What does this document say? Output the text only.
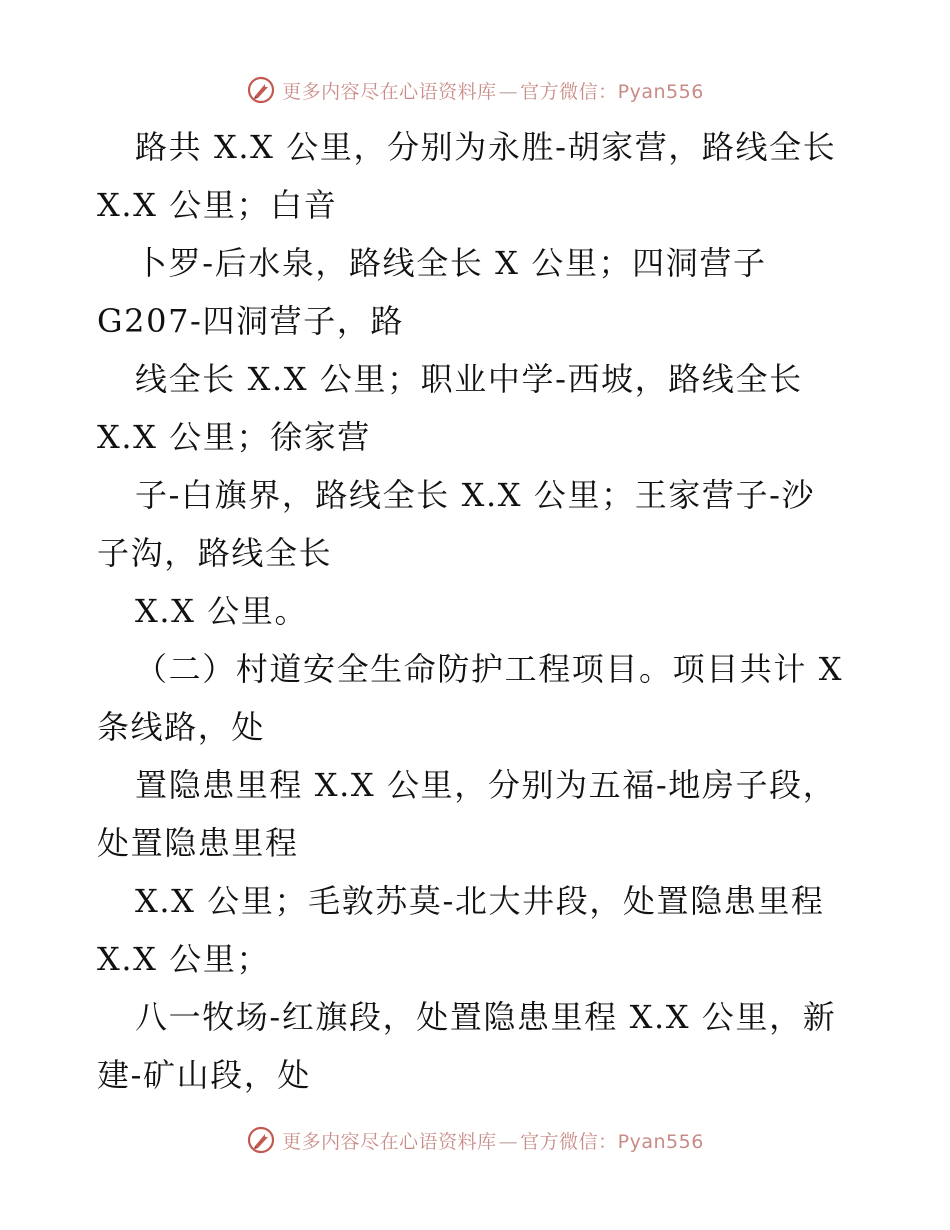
更多内容尽在心语资料库 — 官方微信：Pyan556
路共 X.X 公里，分别为永胜-胡家营，路线全长
X.X 公里；白音
卜罗-后水泉，路线全长 X 公里；四洞营子
G207-四洞营子，路
线全长 X.X 公里；职业中学-西坡，路线全长
X.X 公里；徐家营
子-白旗界，路线全长 X.X 公里；王家营子-沙
子沟，路线全长
X.X 公里。
（二）村道安全生命防护工程项目。项目共计 X
条线路，处
置隐患里程 X.X 公里，分别为五福-地房子段，
处置隐患里程
X.X 公里；毛敦苏莫-北大井段，处置隐患里程
X.X 公里；
八一牧场-红旗段，处置隐患里程 X.X 公里，新
建-矿山段，处
更多内容尽在心语资料库 — 官方微信：Pyan556
